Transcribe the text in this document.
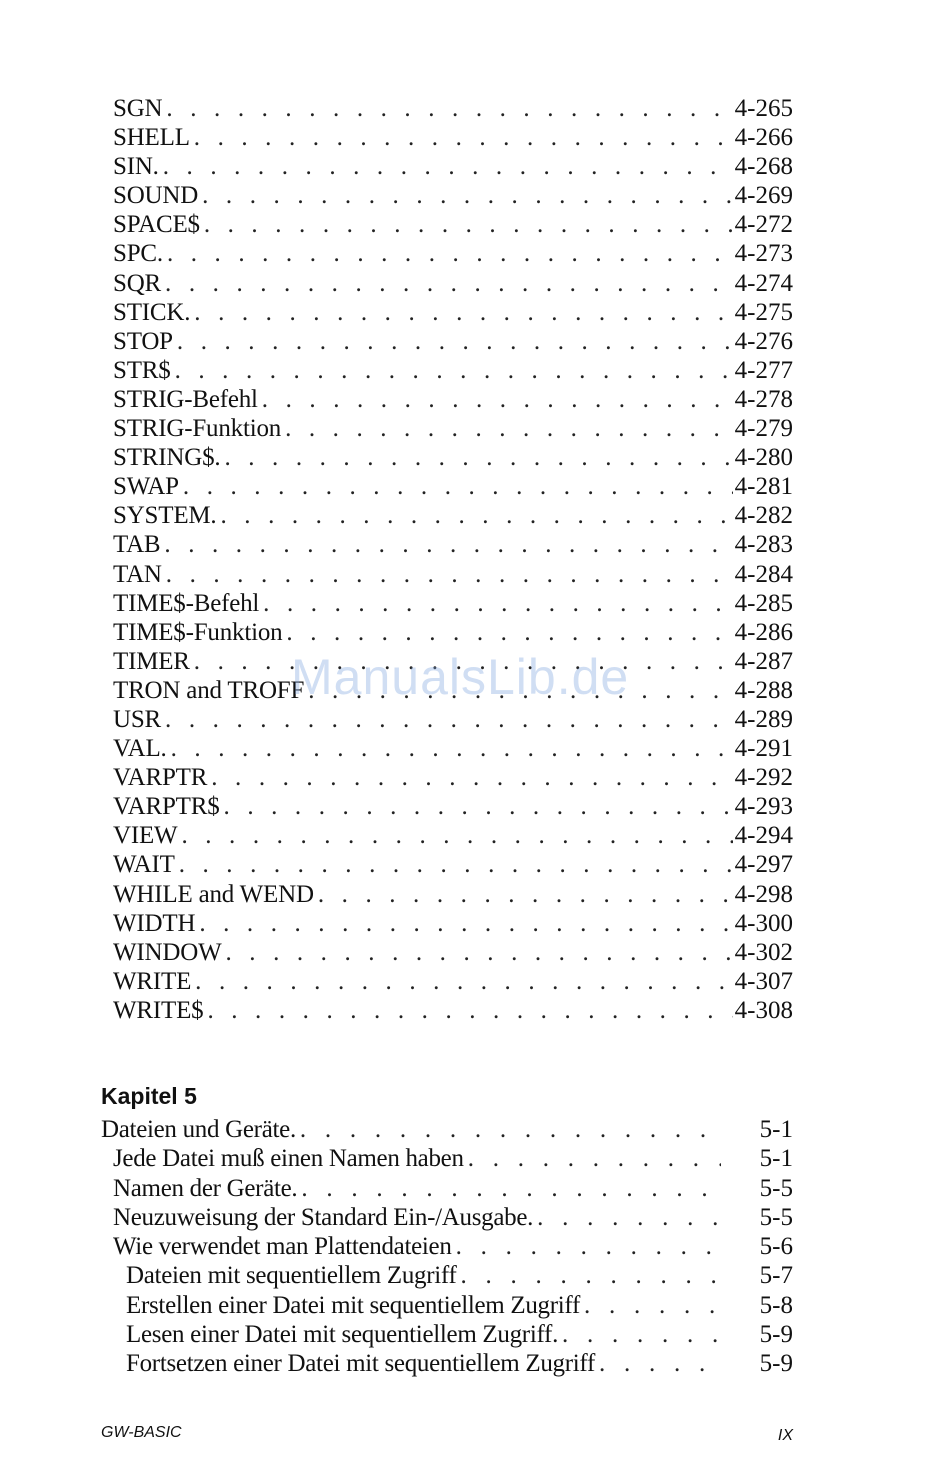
SGN . . .	4-265
SHELL . . .	4-266
SIN. . . .	4-268
SOUND . . .	4-269
SPACE$ . . .	4-272
SPC. . . .	4-273
SQR . . .	4-274
STICK. . . .	4-275
STOP . . .	4-276
STR$ . . .	4-277
STRIG-Befehl . . .	4-278
STRIG-Funktion . . .	4-279
STRING$. . . .	4-280
SWAP . . .	4-281
SYSTEM. . . .	4-282
TAB . . .	4-283
TAN . . .	4-284
TIME$-Befehl . . .	4-285
TIME$-Funktion . . .	4-286
TIMER . . .	4-287
TRON and TROFF . . .	4-288
USR . . .	4-289
VAL. . . .	4-291
VARPTR . . .	4-292
VARPTR$ . . .	4-293
VIEW . . .	4-294
WAIT . . .	4-297
WHILE and WEND . . .	4-298
WIDTH . . .	4-300
WINDOW . . .	4-302
WRITE . . .	4-307
WRITE$ . . .	4-308
Kapitel 5
Dateien und Geräte. . . .	5-1
Jede Datei muß einen Namen haben . . .	5-1
Namen der Geräte. . . .	5-5
Neuzuweisung der Standard Ein-/Ausgabe. . . .	5-5
Wie verwendet man Plattendateien . . .	5-6
Dateien mit sequentiellem Zugriff . . .	5-7
Erstellen einer Datei mit sequentiellem Zugriff . . .	5-8
Lesen einer Datei mit sequentiellem Zugriff. . . .	5-9
Fortsetzen einer Datei mit sequentiellem Zugriff . . .	5-9
GW-BASIC	IX
ManualsLib.de
